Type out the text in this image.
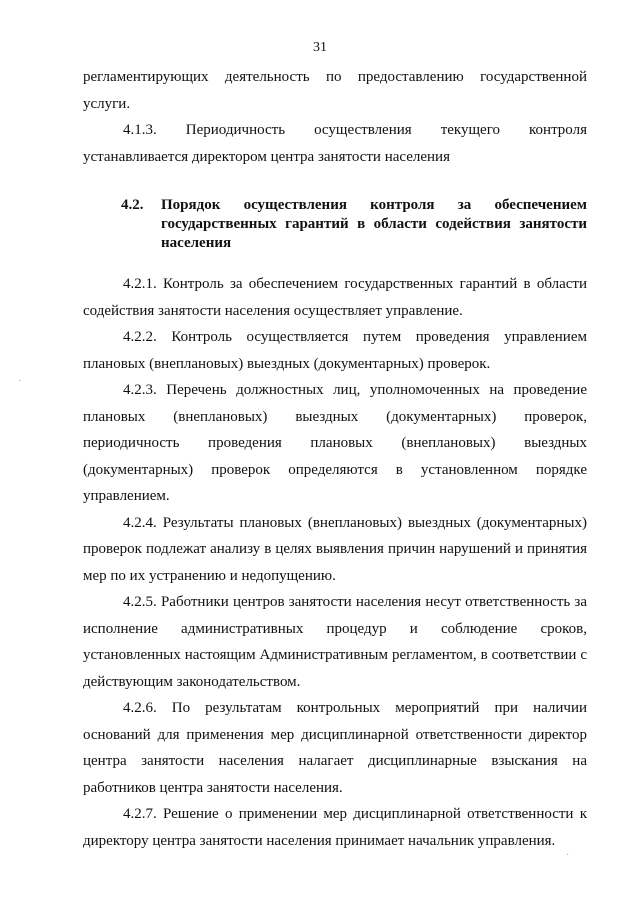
31

регламентирующих деятельность по предоставлению государственной услуги.

4.1.3. Периодичность осуществления текущего контроля устанавливается директором центра занятости населения

4.2.	Порядок осуществления контроля за обеспечением государственных гарантий в области содействия занятости населения

4.2.1. Контроль за обеспечением государственных гарантий в области содействия занятости населения осуществляет управление.

4.2.2. Контроль осуществляется путем проведения управлением плановых (внеплановых) выездных (документарных) проверок.

4.2.3. Перечень должностных лиц, уполномоченных на проведение плановых (внеплановых) выездных (документарных) проверок, периодичность проведения плановых (внеплановых) выездных (документарных) проверок определяются в установленном порядке управлением.

4.2.4. Результаты плановых (внеплановых) выездных (документарных) проверок подлежат анализу в целях выявления причин нарушений и принятия мер по их устранению и недопущению.

4.2.5. Работники центров занятости населения несут ответственность за исполнение административных процедур и соблюдение сроков, установленных настоящим Административным регламентом, в соответствии с действующим законодательством.

4.2.6. По результатам контрольных мероприятий при наличии оснований для применения мер дисциплинарной ответственности директор центра занятости населения налагает дисциплинарные взыскания на работников центра занятости населения.

4.2.7. Решение о применении мер дисциплинарной ответственности к директору центра занятости населения принимает начальник управления.

·
·
